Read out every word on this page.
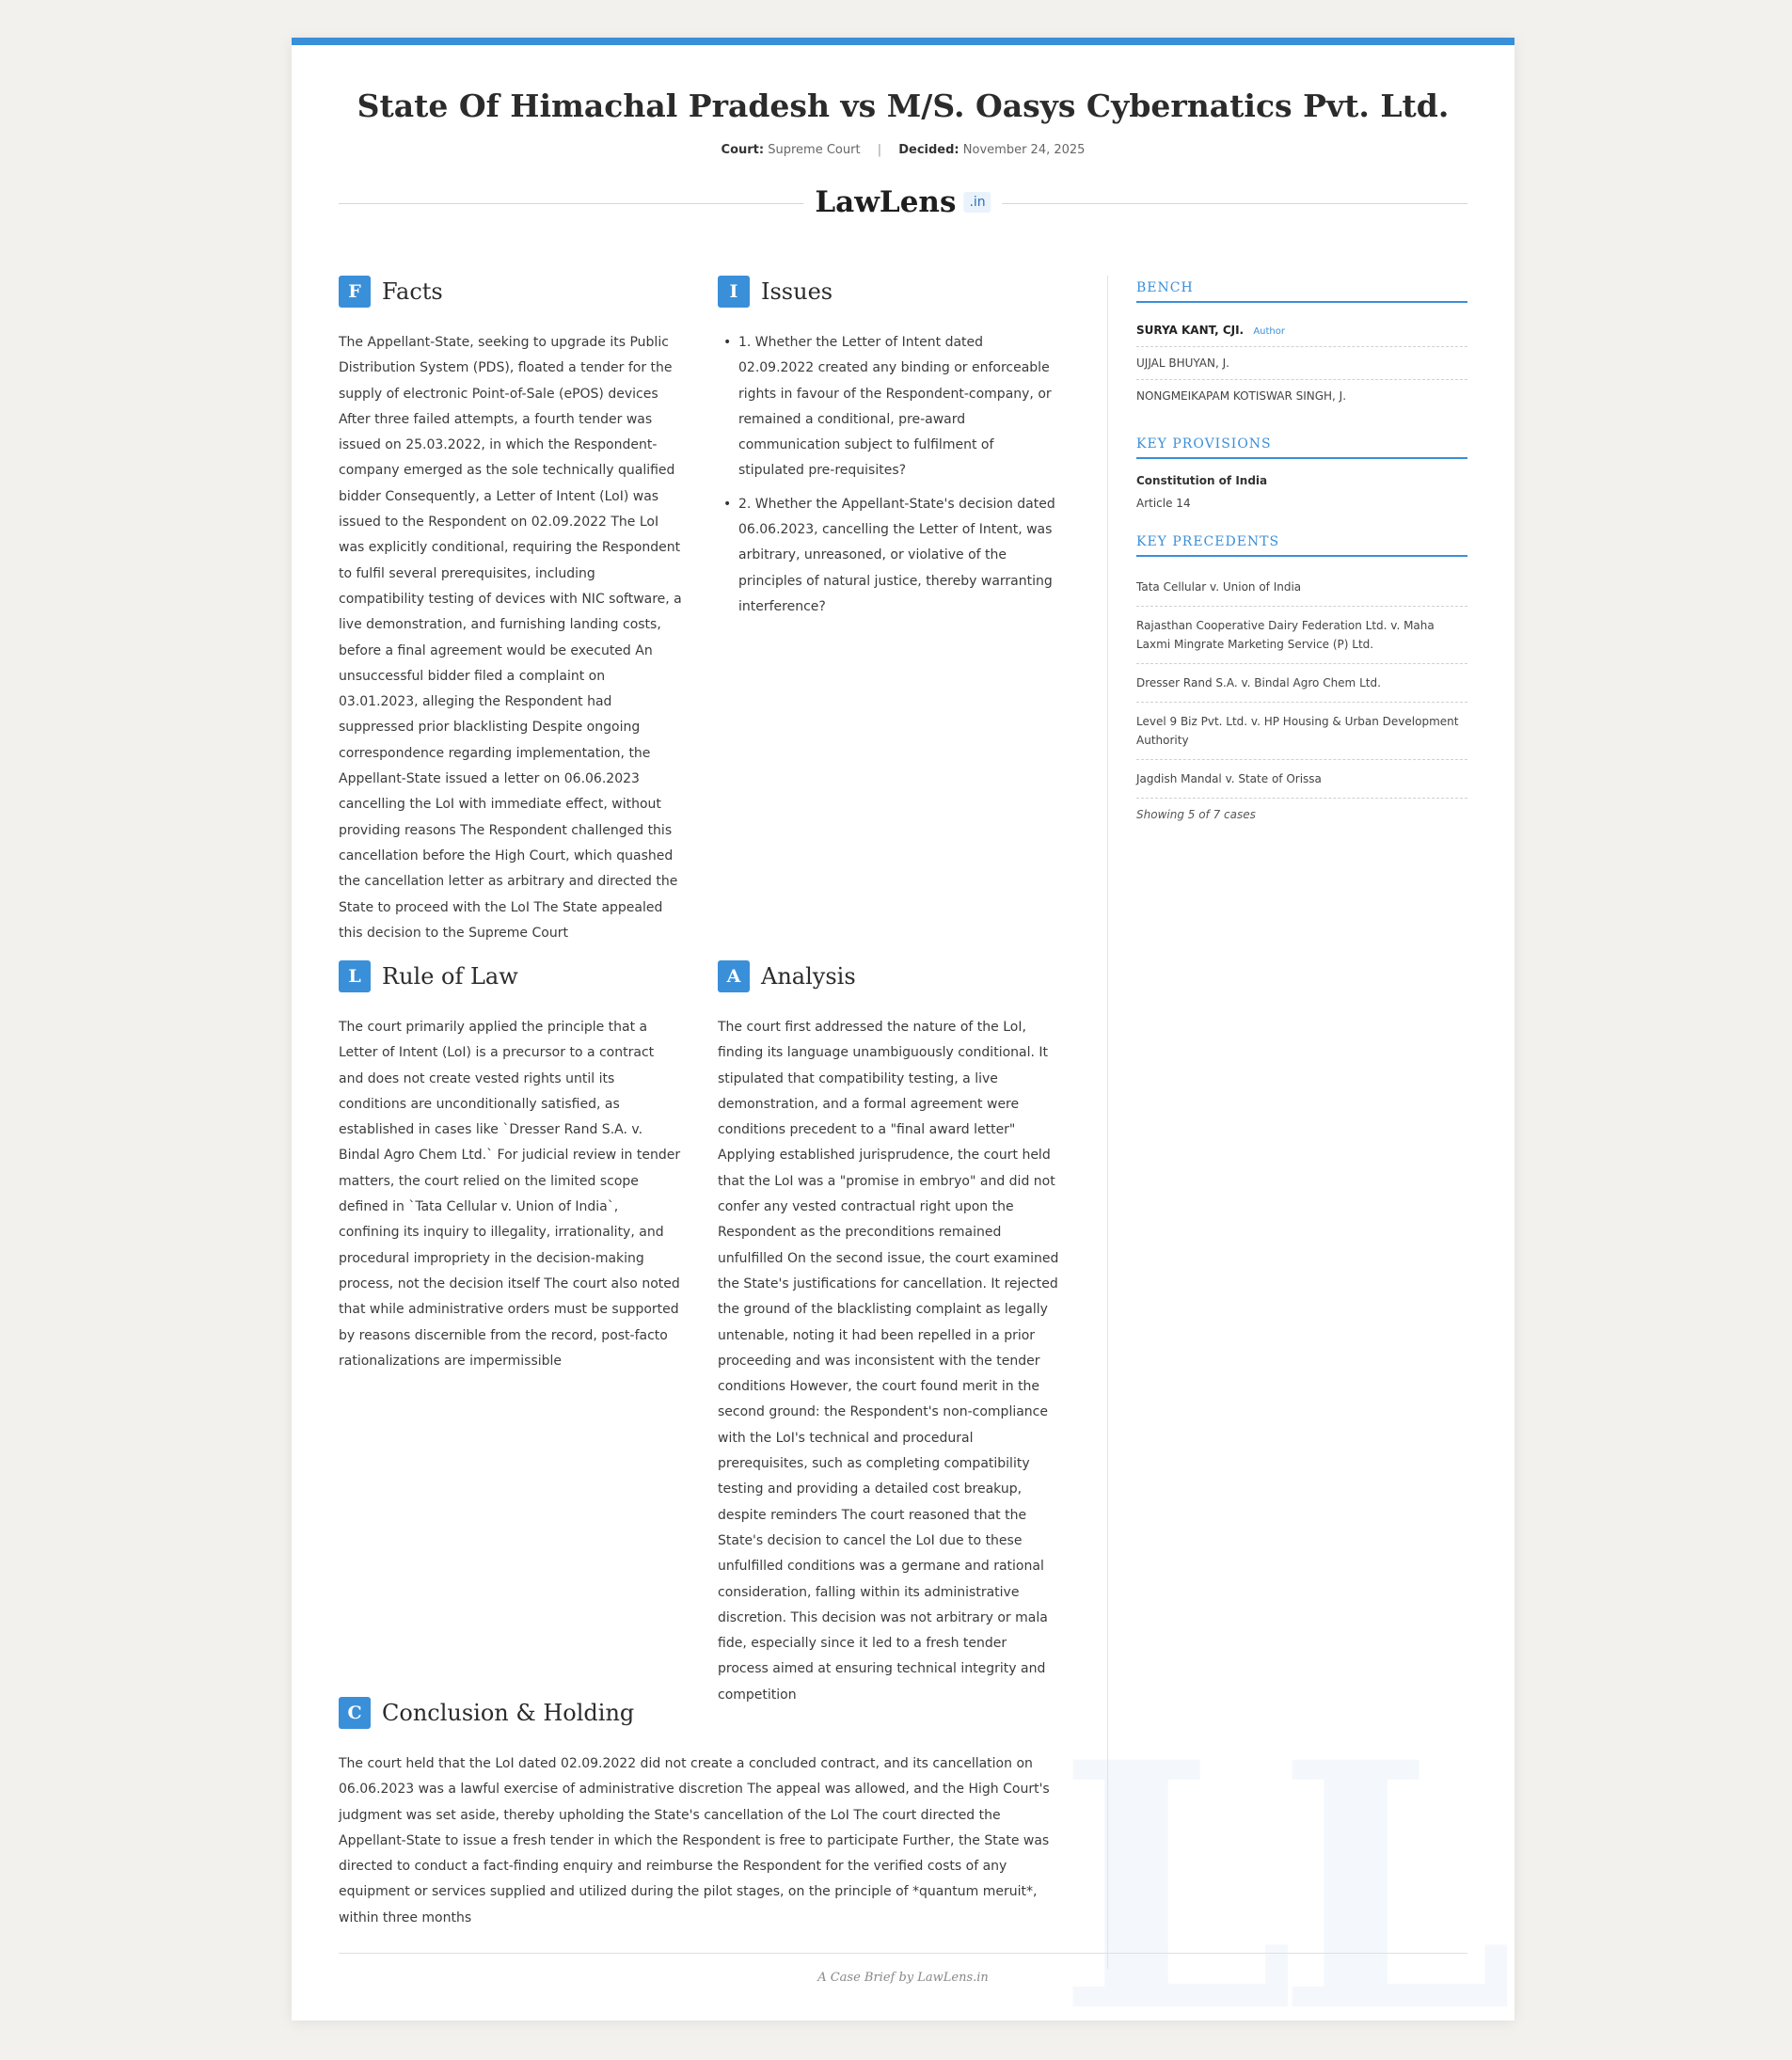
LL
State Of Himachal Pradesh vs M/S. Oasys Cybernatics Pvt. Ltd.
Court: Supreme Court | Decided: November 24, 2025
LawLens	.in
F Facts
The Appellant-State, seeking to upgrade its Public Distribution System (PDS), floated a tender for the supply of electronic Point-of-Sale (ePOS) devices After three failed attempts, a fourth tender was issued on 25.03.2022, in which the Respondent-company emerged as the sole technically qualified bidder Consequently, a Letter of Intent (LoI) was issued to the Respondent on 02.09.2022 The LoI was explicitly conditional, requiring the Respondent to fulfil several prerequisites, including compatibility testing of devices with NIC software, a live demonstration, and furnishing landing costs, before a final agreement would be executed An unsuccessful bidder filed a complaint on 03.01.2023, alleging the Respondent had suppressed prior blacklisting Despite ongoing correspondence regarding implementation, the Appellant-State issued a letter on 06.06.2023 cancelling the LoI with immediate effect, without providing reasons The Respondent challenged this cancellation before the High Court, which quashed the cancellation letter as arbitrary and directed the State to proceed with the LoI The State appealed this decision to the Supreme Court
I	Issues
• 1. Whether the Letter of Intent dated 02.09.2022 created any binding or enforceable rights in favour of the Respondent-company, or remained a conditional, pre-award communication subject to fulfilment of stipulated pre-requisites?
• 2. Whether the Appellant-State's decision dated 06.06.2023, cancelling the Letter of Intent, was arbitrary, unreasoned, or violative of the principles of natural justice, thereby warranting interference?
L Rule of Law
The court primarily applied the principle that a Letter of Intent (LoI) is a precursor to a contract and does not create vested rights until its conditions are unconditionally satisfied, as established in cases like `Dresser Rand S.A. v. Bindal Agro Chem Ltd.` For judicial review in tender matters, the court relied on the limited scope defined in `Tata Cellular v. Union of India`, confining its inquiry to illegality, irrationality, and procedural impropriety in the decision-making process, not the decision itself The court also noted that while administrative orders must be supported by reasons discernible from the record, post-facto rationalizations are impermissible
A Analysis
The court first addressed the nature of the LoI, finding its language unambiguously conditional. It stipulated that compatibility testing, a live demonstration, and a formal agreement were conditions precedent to a "final award letter" Applying established jurisprudence, the court held that the LoI was a "promise in embryo" and did not confer any vested contractual right upon the Respondent as the preconditions remained unfulfilled On the second issue, the court examined the State's justifications for cancellation. It rejected the ground of the blacklisting complaint as legally untenable, noting it had been repelled in a prior proceeding and was inconsistent with the tender conditions However, the court found merit in the second ground: the Respondent's non-compliance with the LoI's technical and procedural prerequisites, such as completing compatibility testing and providing a detailed cost breakup, despite reminders The court reasoned that the State's decision to cancel the LoI due to these unfulfilled conditions was a germane and rational consideration, falling within its administrative discretion. This decision was not arbitrary or mala fide, especially since it led to a fresh tender process aimed at ensuring technical integrity and competition
C Conclusion & Holding
The court held that the LoI dated 02.09.2022 did not create a concluded contract, and its cancellation on 06.06.2023 was a lawful exercise of administrative discretion The appeal was allowed, and the High Court's judgment was set aside, thereby upholding the State's cancellation of the LoI The court directed the Appellant-State to issue a fresh tender in which the Respondent is free to participate Further, the State was directed to conduct a fact-finding enquiry and reimburse the Respondent for the verified costs of any equipment or services supplied and utilized during the pilot stages, on the principle of *quantum meruit*, within three months
BENCH
SURYA KANT, CJI. Author
UJJAL BHUYAN, J.
NONGMEIKAPAM KOTISWAR SINGH, J.
KEY PROVISIONS
Constitution of India
Article 14
KEY PRECEDENTS
Tata Cellular v. Union of India
Rajasthan Cooperative Dairy Federation Ltd. v. Maha Laxmi Mingrate Marketing Service (P) Ltd.
Dresser Rand S.A. v. Bindal Agro Chem Ltd.
Level 9 Biz Pvt. Ltd. v. HP Housing & Urban Development Authority
Jagdish Mandal v. State of Orissa
Showing 5 of 7 cases
A Case Brief by LawLens.in
